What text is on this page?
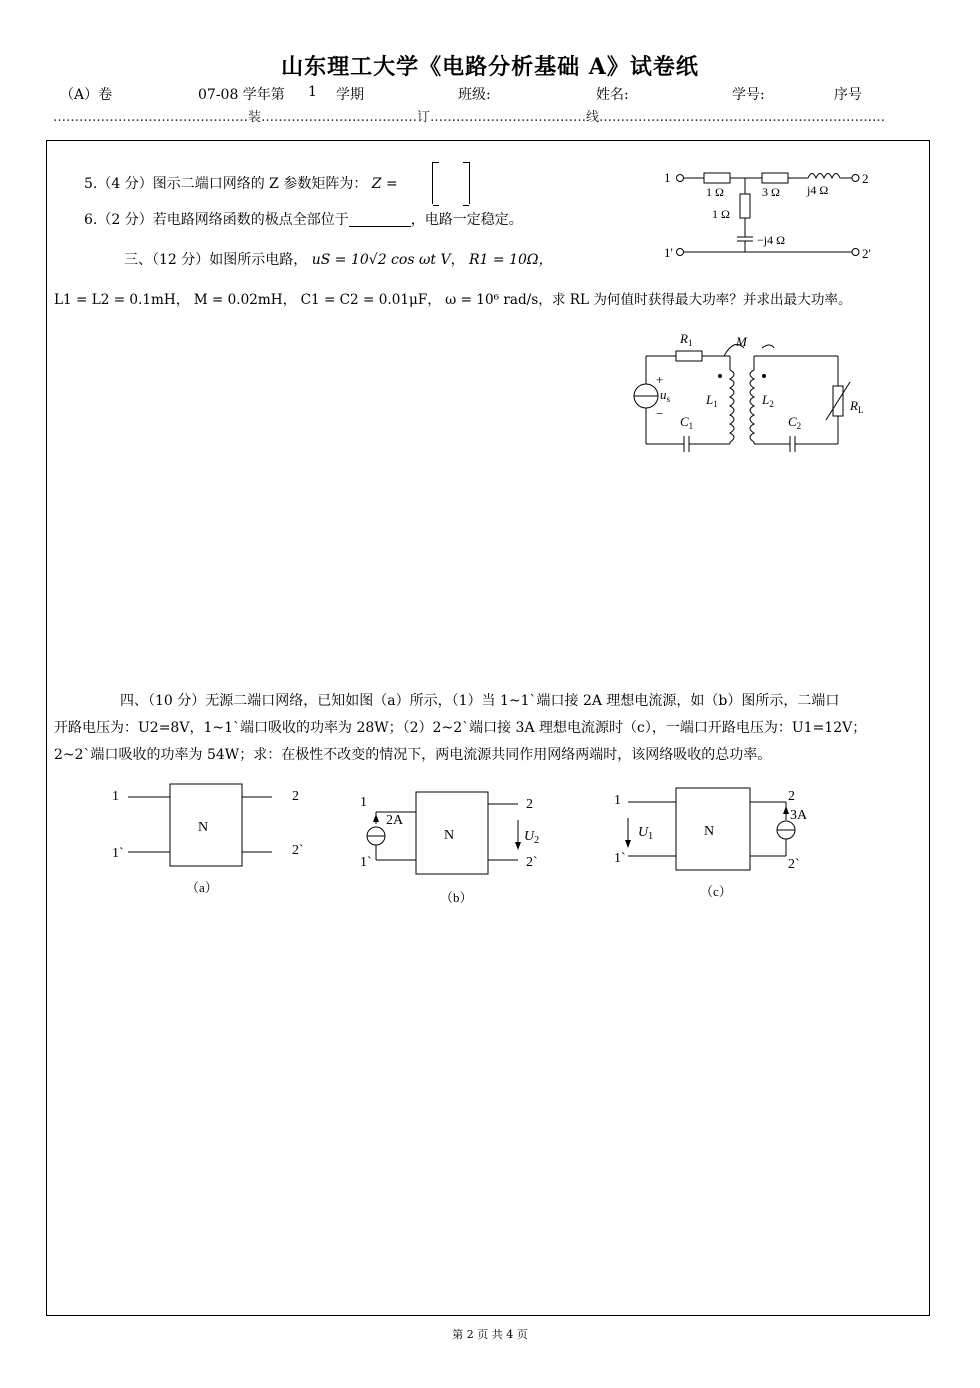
山东理工大学《电路分析基础 A》试卷纸
（A）卷	07-08 学年第 1 学期	班级:	姓名:	学号:	序号
………………………………………装………………………………订………………………………线…………………………………………………………
5.（4 分）图示二端口网络的 Z 参数矩阵为： Z =
6.（2 分）若电路网络函数的极点全部位于	，电路一定稳定。
三、（12 分）如图所示电路， uS = 10√2 cos ωt V， R1 = 10Ω，
L1 = L2 = 0.1mH， M = 0.02mH， C1 = C2 = 0.01μF， ω = 10⁶ rad/s，求 RL 为何值时获得最大功率？并求出最大功率。
四、（10 分）无源二端口网络，已知如图（a）所示，（1）当 1~1`端口接 2A 理想电流源，如（b）图所示，二端口
开路电压为：U2=8V，1~1`端口吸收的功率为 28W；（2）2~2`端口接 3A 理想电流源时（c），一端口开路电压为：U1=12V；
2~2`端口吸收的功率为 54W；求：在极性不改变的情况下，两电流源共同作用网络两端时，该网络吸收的总功率。
1	2
1'	2'
1 Ω	3 Ω j4 Ω
1 Ω
−j4 Ω
$R_1$	M
+
$u_s$
−
$L_1$	$L_2$
$C_1$	$C_2$
$R_L$
1	2
1`	2`
N
（a）
1	2
1`	2`
N
2A
$U_2$
（b）
1	2
1`	2`
N
3A
$U_1$
（c）
第 2 页 共 4 页
